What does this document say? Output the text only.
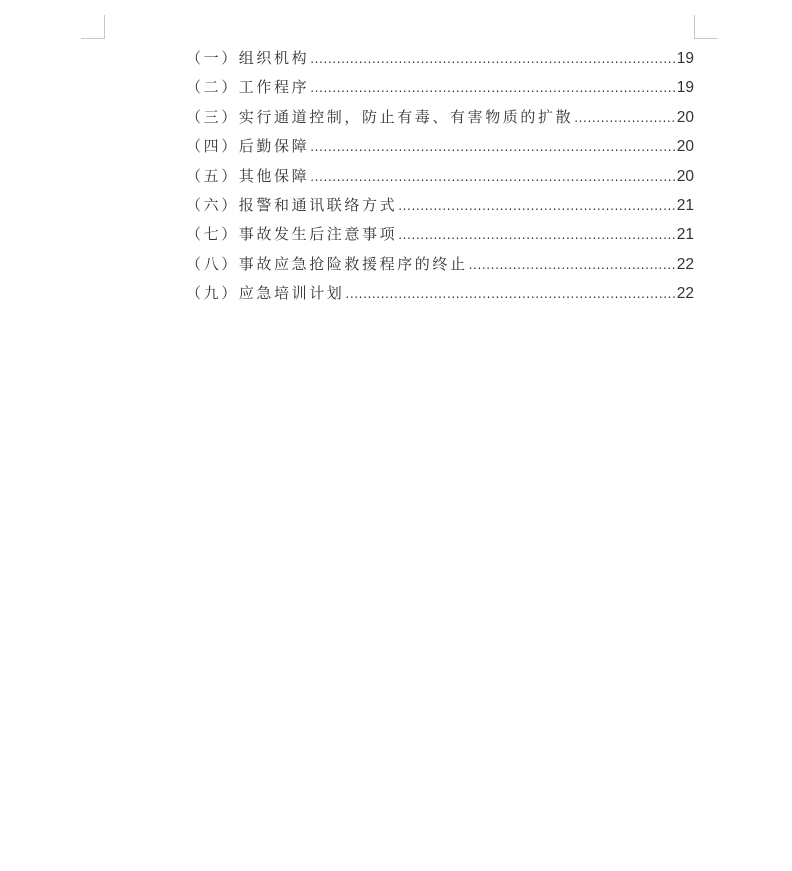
（一）组织机构 .....	19
（二）工作程序 .....	19
（三）实行通道控制，防止有毒、有害物质的扩散 .....	20
（四）后勤保障 .....	20
（五）其他保障 .....	20
（六）报警和通讯联络方式 .....	21
（七）事故发生后注意事项 .....	21
（八）事故应急抢险救援程序的终止 .....	22
（九）应急培训计划 .....	22
